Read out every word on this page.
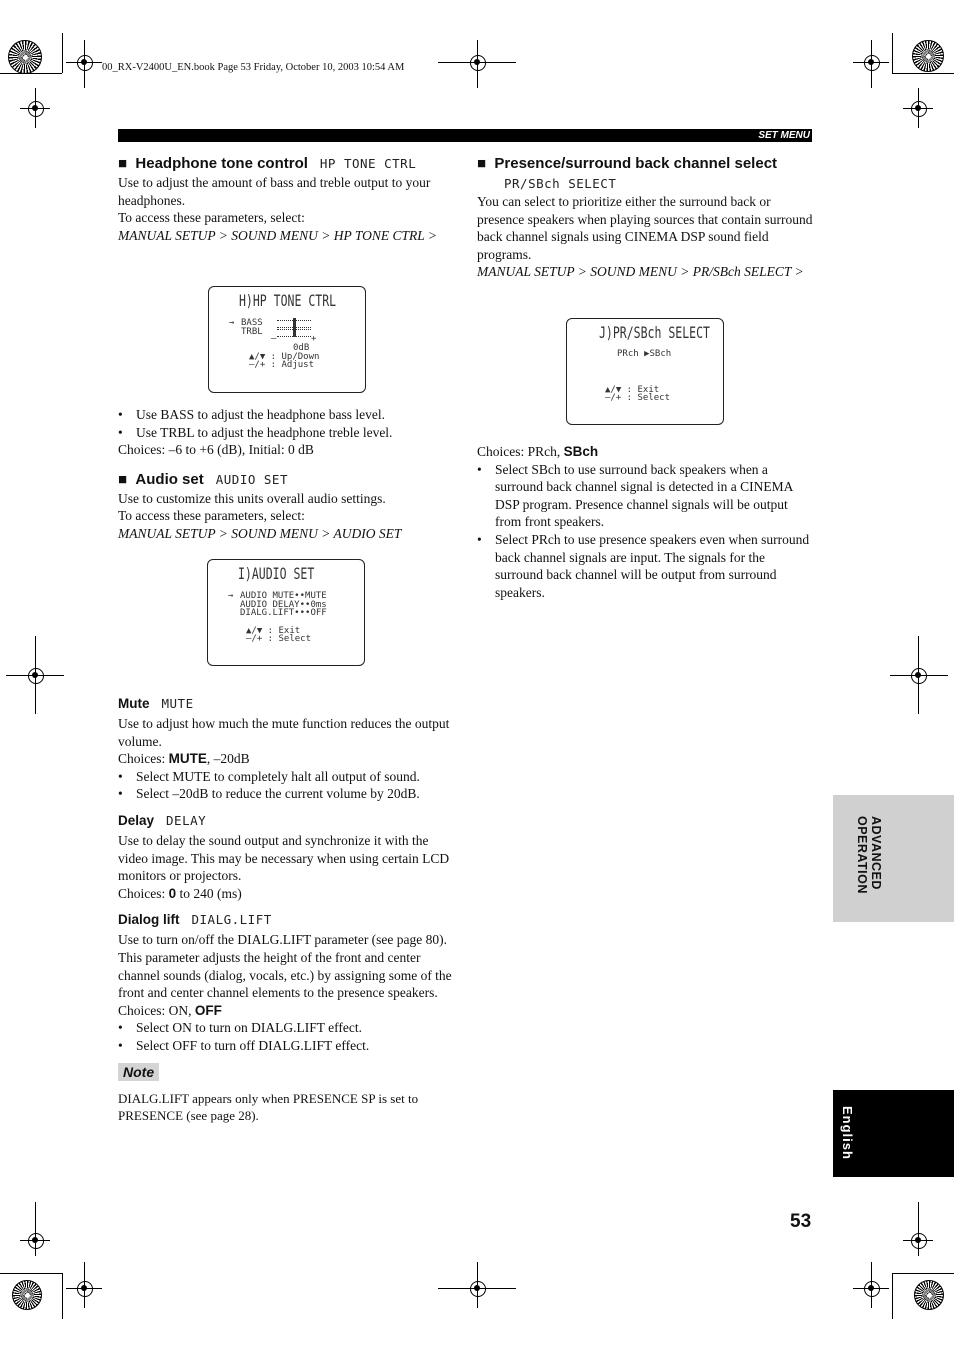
00_RX-V2400U_EN.book Page 53 Friday, October 10, 2003 10:54 AM
SET MENU
■  Headphone tone control HP TONE CTRL
Use to adjust the amount of bass and treble output to your headphones.
To access these parameters, select:
MANUAL SETUP > SOUND MENU > HP TONE CTRL >
H)HP TONE CTRL
→ BASS
TRBL
–	+
0dB
▲/▼ : Up/Down
–/+ : Adjust
• Use BASS to adjust the headphone bass level.
• Use TRBL to adjust the headphone treble level.
Choices: –6 to +6 (dB), Initial: 0 dB
■  Audio set AUDIO SET
Use to customize this units overall audio settings.
To access these parameters, select:
MANUAL SETUP > SOUND MENU > AUDIO SET
I)AUDIO SET
→ AUDIO MUTE••MUTE
AUDIO DELAY••0ms
DIALG.LIFT•••OFF
▲/▼ : Exit
–/+ : Select
Mute MUTE
Use to adjust how much the mute function reduces the output volume.
Choices: MUTE, –20dB
• Select MUTE to completely halt all output of sound.
• Select –20dB to reduce the current volume by 20dB.
Delay DELAY
Use to delay the sound output and synchronize it with the video image. This may be necessary when using certain LCD monitors or projectors.
Choices: 0 to 240 (ms)
Dialog lift DIALG.LIFT
Use to turn on/off the DIALG.LIFT parameter (see page 80). This parameter adjusts the height of the front and center channel sounds (dialog, vocals, etc.) by assigning some of the front and center channel elements to the presence speakers.
Choices: ON, OFF
• Select ON to turn on DIALG.LIFT effect.
• Select OFF to turn off DIALG.LIFT effect.
Note
DIALG.LIFT appears only when PRESENCE SP is set to PRESENCE (see page 28).
■  Presence/surround back channel select
PR/SBch SELECT
You can select to prioritize either the surround back or presence speakers when playing sources that contain surround back channel signals using CINEMA DSP sound field programs.
MANUAL SETUP > SOUND MENU > PR/SBch SELECT >
J)PR/SBch SELECT
PRch ▶SBch
▲/▼ : Exit
–/+ : Select
Choices: PRch, SBch
• Select SBch to use surround back speakers when a surround back channel signal is detected in a CINEMA DSP program. Presence channel signals will be output from front speakers.
• Select PRch to use presence speakers even when surround back channel signals are input. The signals for the surround back channel will be output from surround speakers.
ADVANCED OPERATION
English
53
